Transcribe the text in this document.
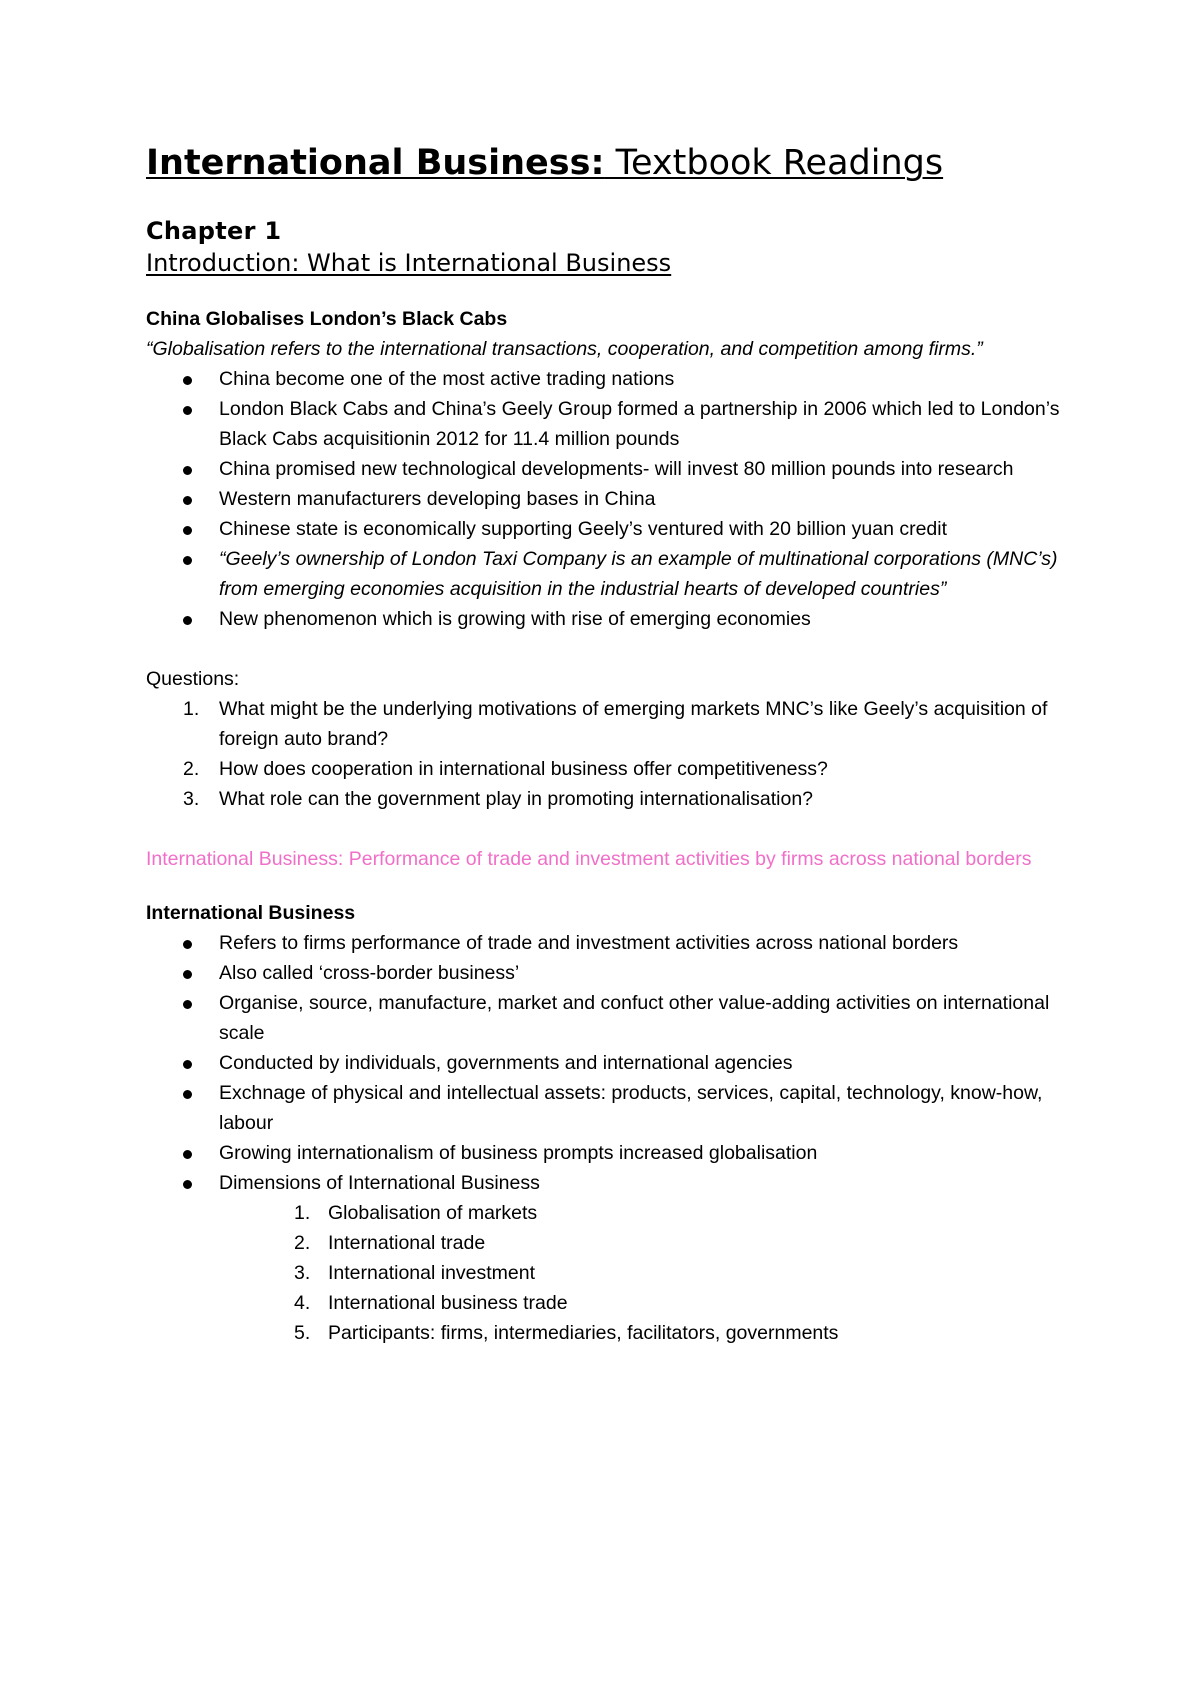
International Business: Textbook Readings
Chapter 1
Introduction: What is International Business
China Globalises London’s Black Cabs
“Globalisation refers to the international transactions, cooperation, and competition among firms.”
China become one of the most active trading nations
London Black Cabs and China’s Geely Group formed a partnership in 2006 which led to London’s Black Cabs acquisitionin 2012 for 11.4 million pounds
China promised new technological developments- will invest 80 million pounds into research
Western manufacturers developing bases in China
Chinese state is economically supporting Geely’s ventured with 20 billion yuan credit
“Geely’s ownership of London Taxi Company is an example of multinational corporations (MNC’s) from emerging economies acquisition in the industrial hearts of developed countries”
New phenomenon which is growing with rise of emerging economies
Questions:
1. What might be the underlying motivations of emerging markets MNC’s like Geely’s acquisition of foreign auto brand?
2. How does cooperation in international business offer competitiveness?
3. What role can the government play in promoting internationalisation?
International Business: Performance of trade and investment activities by firms across national borders
International Business
Refers to firms performance of trade and investment activities across national borders
Also called ‘cross-border business’
Organise, source, manufacture, market and confuct other value-adding activities on international scale
Conducted by individuals, governments and international agencies
Exchnage of physical and intellectual assets: products, services, capital, technology, know-how, labour
Growing internationalism of business prompts increased globalisation
Dimensions of International Business
1. Globalisation of markets
2. International trade
3. International investment
4. International business trade
5. Participants: firms, intermediaries, facilitators, governments
